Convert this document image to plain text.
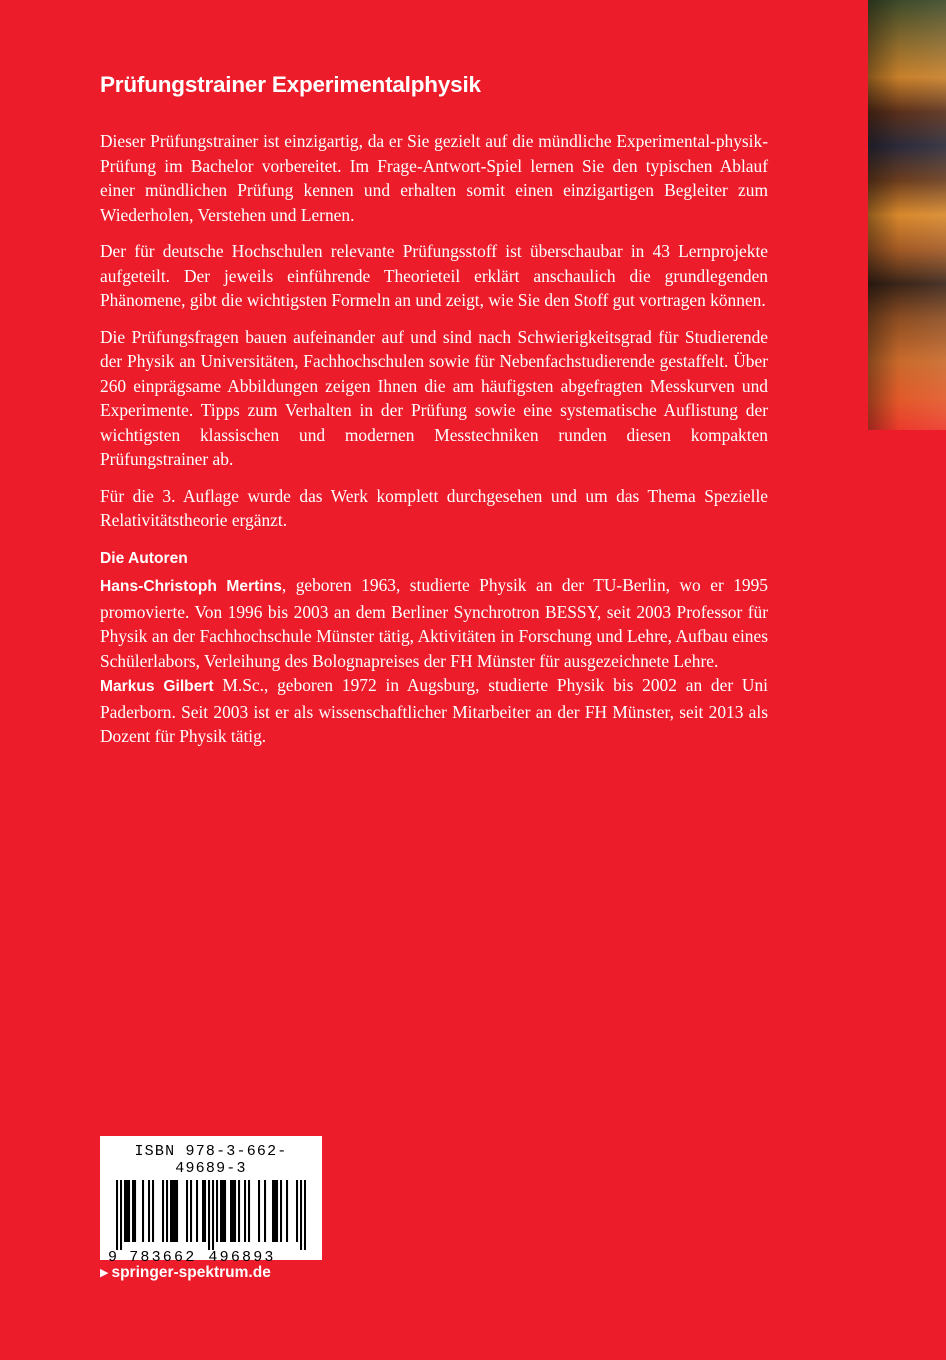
Prüfungstrainer Experimentalphysik

Dieser Prüfungstrainer ist einzigartig, da er Sie gezielt auf die mündliche Experimental-physik-Prüfung im Bachelor vorbereitet. Im Frage-Antwort-Spiel lernen Sie den typischen Ablauf einer mündlichen Prüfung kennen und erhalten somit einen einzigartigen Begleiter zum Wiederholen, Verstehen und Lernen.

Der für deutsche Hochschulen relevante Prüfungsstoff ist überschaubar in 43 Lernprojekte aufgeteilt. Der jeweils einführende Theorieteil erklärt anschaulich die grundlegenden Phänomene, gibt die wichtigsten Formeln an und zeigt, wie Sie den Stoff gut vortragen können.

Die Prüfungsfragen bauen aufeinander auf und sind nach Schwierigkeitsgrad für Studierende der Physik an Universitäten, Fachhochschulen sowie für Nebenfachstudierende gestaffelt. Über 260 einprägsame Abbildungen zeigen Ihnen die am häufigsten abgefragten Messkurven und Experimente. Tipps zum Verhalten in der Prüfung sowie eine systematische Auflistung der wichtigsten klassischen und modernen Messtechniken runden diesen kompakten Prüfungstrainer ab.

Für die 3. Auflage wurde das Werk komplett durchgesehen und um das Thema Spezielle Relativitätstheorie ergänzt.

Die Autoren

Hans-Christoph Mertins, geboren 1963, studierte Physik an der TU-Berlin, wo er 1995 promovierte. Von 1996 bis 2003 an dem Berliner Synchrotron BESSY, seit 2003 Professor für Physik an der Fachhochschule Münster tätig, Aktivitäten in Forschung und Lehre, Aufbau eines Schülerlabors, Verleihung des Bolognapreises der FH Münster für ausgezeichnete Lehre.

Markus Gilbert M.Sc., geboren 1972 in Augsburg, studierte Physik bis 2002 an der Uni Paderborn. Seit 2003 ist er als wissenschaftlicher Mitarbeiter an der FH Münster, seit 2013 als Dozent für Physik tätig.

ISBN 978-3-662-49689-3
9 783662 496893
▶ springer-spektrum.de
